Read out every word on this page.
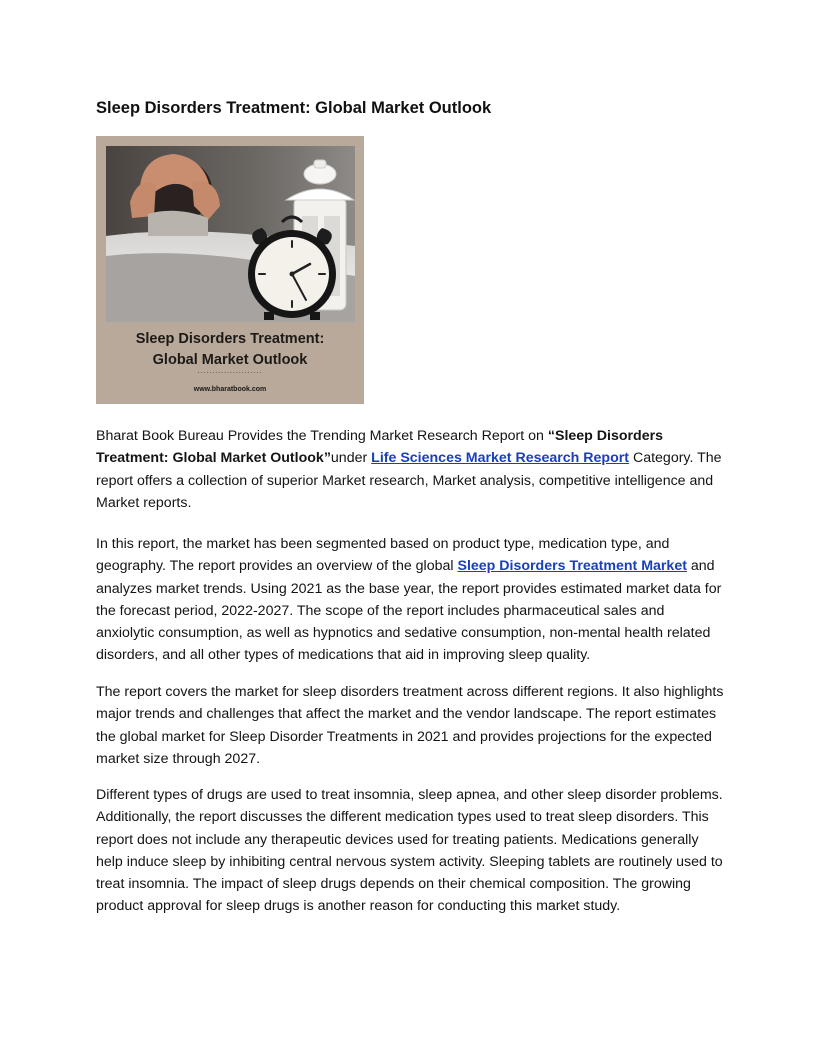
Sleep Disorders Treatment: Global Market Outlook
Sleep Disorders Treatment:
Global Market Outlook
......................
www.bharatbook.com

Bharat Book Bureau Provides the Trending Market Research Report on “Sleep Disorders Treatment: Global Market Outlook”under Life Sciences Market Research Report Category. The report offers a collection of superior Market research, Market analysis, competitive intelligence and Market reports.

In this report, the market has been segmented based on product type, medication type, and geography. The report provides an overview of the global Sleep Disorders Treatment Market and analyzes market trends. Using 2021 as the base year, the report provides estimated market data for the forecast period, 2022-2027. The scope of the report includes pharmaceutical sales and anxiolytic consumption, as well as hypnotics and sedative consumption, non-mental health related disorders, and all other types of medications that aid in improving sleep quality.

The report covers the market for sleep disorders treatment across different regions. It also highlights major trends and challenges that affect the market and the vendor landscape. The report estimates the global market for Sleep Disorder Treatments in 2021 and provides projections for the expected market size through 2027.

Different types of drugs are used to treat insomnia, sleep apnea, and other sleep disorder problems. Additionally, the report discusses the different medication types used to treat sleep disorders. This report does not include any therapeutic devices used for treating patients. Medications generally help induce sleep by inhibiting central nervous system activity. Sleeping tablets are routinely used to treat insomnia. The impact of sleep drugs depends on their chemical composition. The growing product approval for sleep drugs is another reason for conducting this market study.
